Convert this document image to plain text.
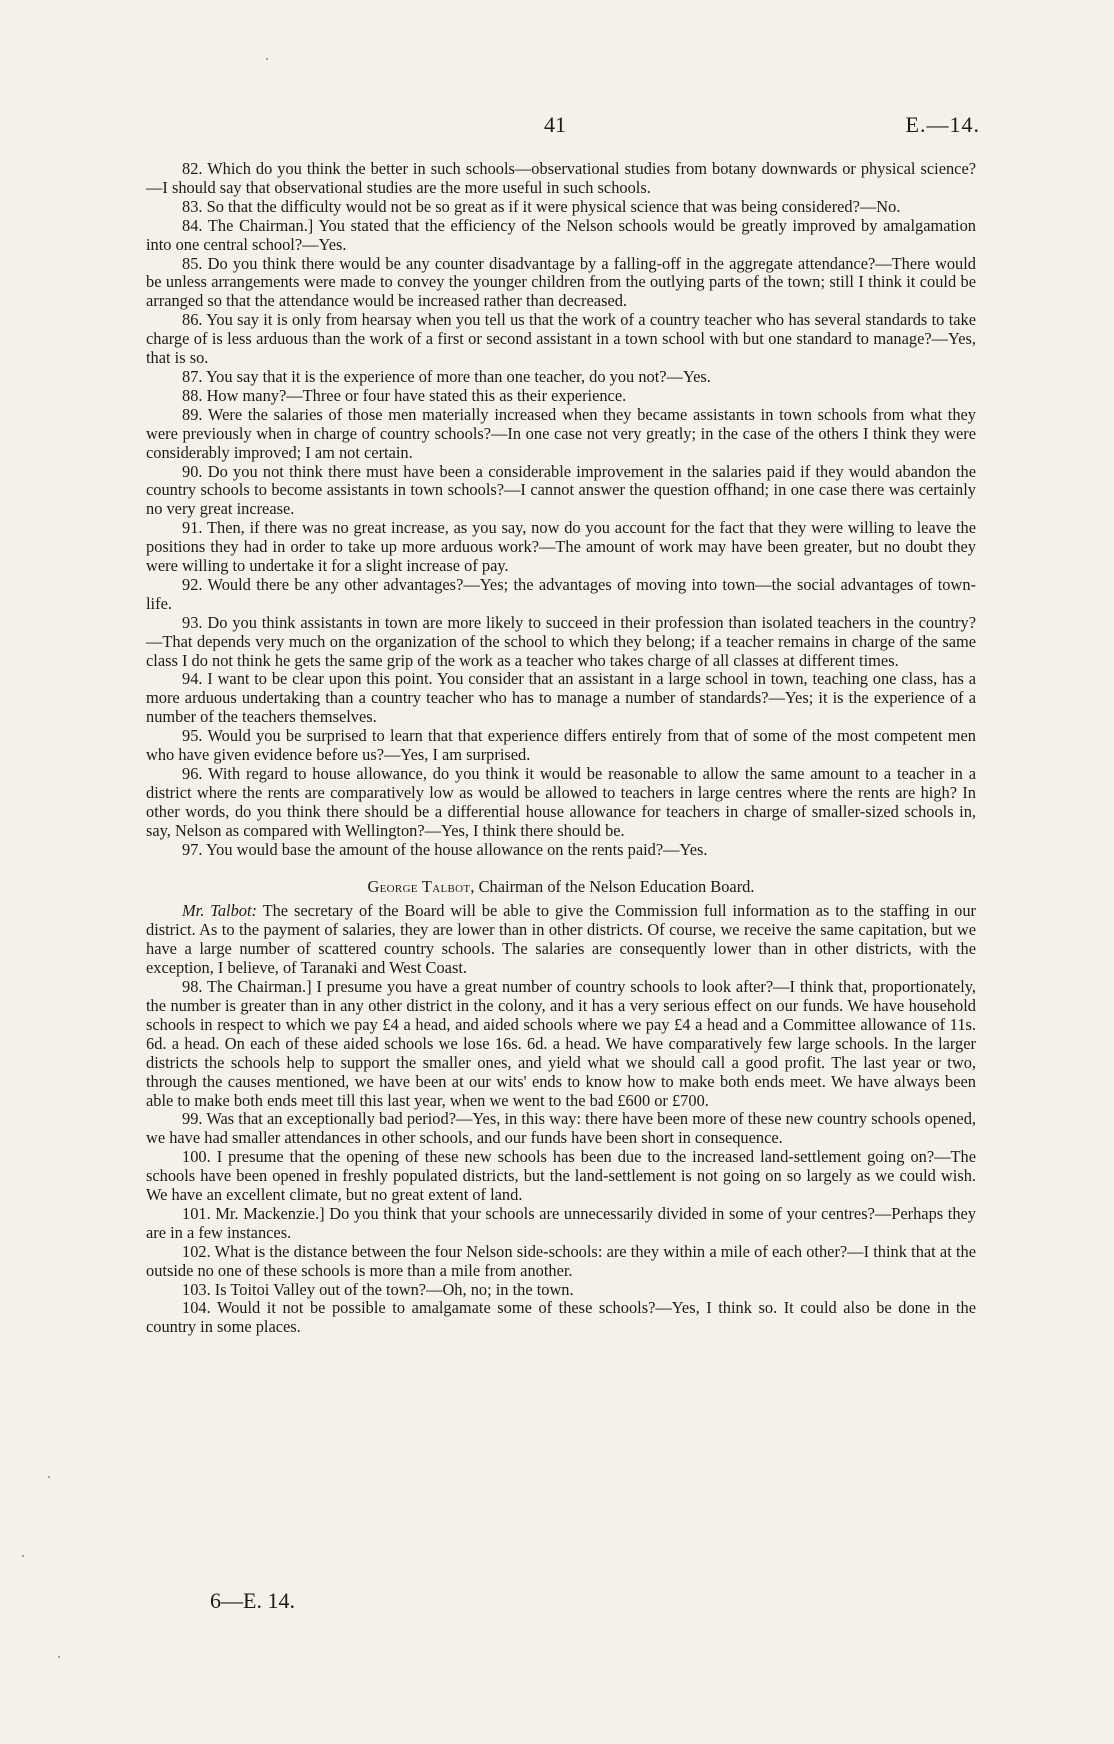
41	E.—14.

82. Which do you think the better in such schools—observational studies from botany downwards or physical science?—I should say that observational studies are the more useful in such schools.

83. So that the difficulty would not be so great as if it were physical science that was being considered?—No.

84. The Chairman.] You stated that the efficiency of the Nelson schools would be greatly improved by amalgamation into one central school?—Yes.

85. Do you think there would be any counter disadvantage by a falling-off in the aggregate attendance?—There would be unless arrangements were made to convey the younger children from the outlying parts of the town; still I think it could be arranged so that the attendance would be increased rather than decreased.

86. You say it is only from hearsay when you tell us that the work of a country teacher who has several standards to take charge of is less arduous than the work of a first or second assistant in a town school with but one standard to manage?—Yes, that is so.

87. You say that it is the experience of more than one teacher, do you not?—Yes.

88. How many?—Three or four have stated this as their experience.

89. Were the salaries of those men materially increased when they became assistants in town schools from what they were previously when in charge of country schools?—In one case not very greatly; in the case of the others I think they were considerably improved; I am not certain.

90. Do you not think there must have been a considerable improvement in the salaries paid if they would abandon the country schools to become assistants in town schools?—I cannot answer the question offhand; in one case there was certainly no very great increase.

91. Then, if there was no great increase, as you say, now do you account for the fact that they were willing to leave the positions they had in order to take up more arduous work?—The amount of work may have been greater, but no doubt they were willing to undertake it for a slight increase of pay.

92. Would there be any other advantages?—Yes; the advantages of moving into town—the social advantages of town-life.

93. Do you think assistants in town are more likely to succeed in their profession than isolated teachers in the country?—That depends very much on the organization of the school to which they belong; if a teacher remains in charge of the same class I do not think he gets the same grip of the work as a teacher who takes charge of all classes at different times.

94. I want to be clear upon this point. You consider that an assistant in a large school in town, teaching one class, has a more arduous undertaking than a country teacher who has to manage a number of standards?—Yes; it is the experience of a number of the teachers themselves.

95. Would you be surprised to learn that that experience differs entirely from that of some of the most competent men who have given evidence before us?—Yes, I am surprised.

96. With regard to house allowance, do you think it would be reasonable to allow the same amount to a teacher in a district where the rents are comparatively low as would be allowed to teachers in large centres where the rents are high? In other words, do you think there should be a differential house allowance for teachers in charge of smaller-sized schools in, say, Nelson as compared with Wellington?—Yes, I think there should be.

97. You would base the amount of the house allowance on the rents paid?—Yes.

George Talbot, Chairman of the Nelson Education Board.

Mr. Talbot: The secretary of the Board will be able to give the Commission full information as to the staffing in our district. As to the payment of salaries, they are lower than in other districts. Of course, we receive the same capitation, but we have a large number of scattered country schools. The salaries are consequently lower than in other districts, with the exception, I believe, of Taranaki and West Coast.

98. The Chairman.] I presume you have a great number of country schools to look after?—I think that, proportionately, the number is greater than in any other district in the colony, and it has a very serious effect on our funds. We have household schools in respect to which we pay £4 a head, and aided schools where we pay £4 a head and a Committee allowance of 11s. 6d. a head. On each of these aided schools we lose 16s. 6d. a head. We have comparatively few large schools. In the larger districts the schools help to support the smaller ones, and yield what we should call a good profit. The last year or two, through the causes mentioned, we have been at our wits' ends to know how to make both ends meet. We have always been able to make both ends meet till this last year, when we went to the bad £600 or £700.

99. Was that an exceptionally bad period?—Yes, in this way: there have been more of these new country schools opened, we have had smaller attendances in other schools, and our funds have been short in consequence.

100. I presume that the opening of these new schools has been due to the increased land-settlement going on?—The schools have been opened in freshly populated districts, but the land-settlement is not going on so largely as we could wish. We have an excellent climate, but no great extent of land.

101. Mr. Mackenzie.] Do you think that your schools are unnecessarily divided in some of your centres?—Perhaps they are in a few instances.

102. What is the distance between the four Nelson side-schools: are they within a mile of each other?—I think that at the outside no one of these schools is more than a mile from another.

103. Is Toitoi Valley out of the town?—Oh, no; in the town.

104. Would it not be possible to amalgamate some of these schools?—Yes, I think so. It could also be done in the country in some places.

6—E. 14.
